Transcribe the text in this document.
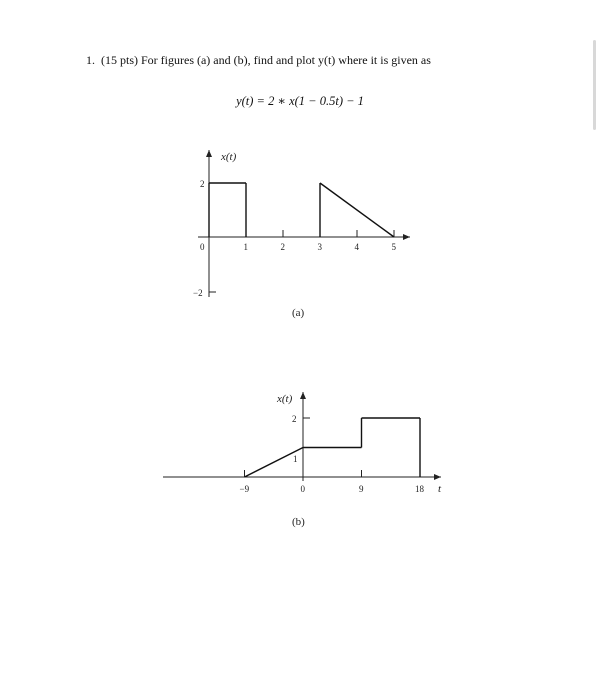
1. (15 pts) For figures (a) and (b), find and plot y(t) where it is given as
y(t) = 2 ∗ x(1 − 0.5t) − 1
0	1	2	3	4	5
2
−2
x(t)
(a)
−9	0	9	18
2
1
x(t)
t
(b)
